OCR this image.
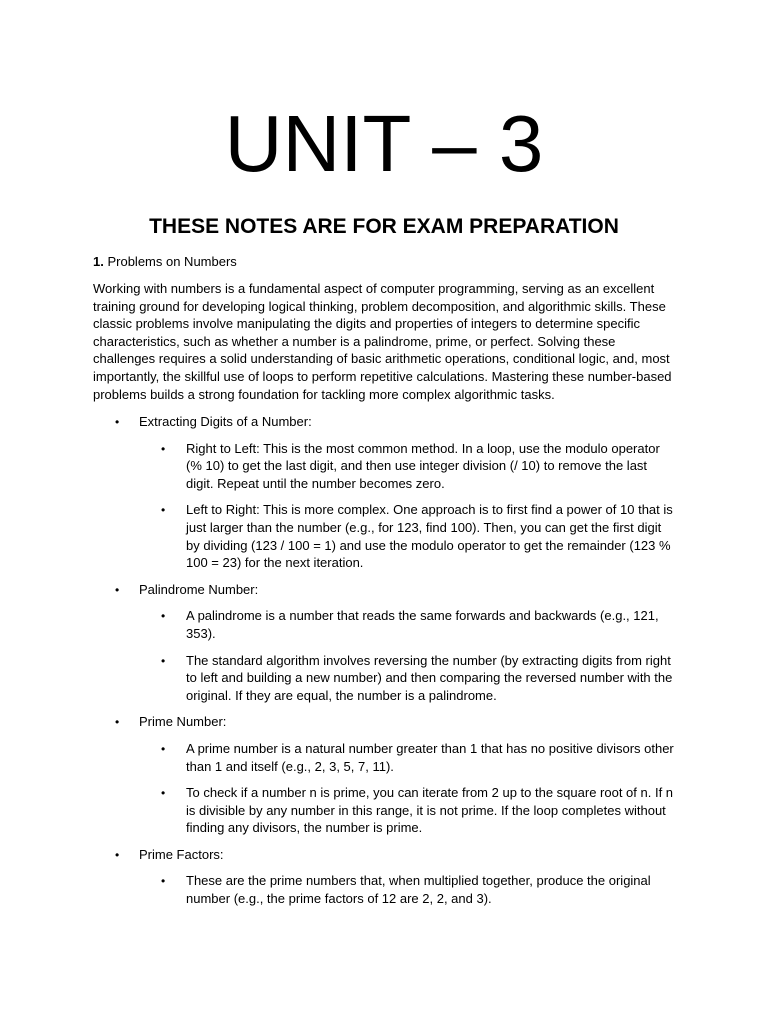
UNIT – 3
THESE NOTES ARE FOR EXAM PREPARATION
1. Problems on Numbers

Working with numbers is a fundamental aspect of computer programming, serving as an excellent training ground for developing logical thinking, problem decomposition, and algorithmic skills. These classic problems involve manipulating the digits and properties of integers to determine specific characteristics, such as whether a number is a palindrome, prime, or perfect. Solving these challenges requires a solid understanding of basic arithmetic operations, conditional logic, and, most importantly, the skillful use of loops to perform repetitive calculations. Mastering these number-based problems builds a strong foundation for tackling more complex algorithmic tasks.

• Extracting Digits of a Number:
• Right to Left: This is the most common method. In a loop, use the modulo operator (% 10) to get the last digit, and then use integer division (/ 10) to remove the last digit. Repeat until the number becomes zero.
• Left to Right: This is more complex. One approach is to first find a power of 10 that is just larger than the number (e.g., for 123, find 100). Then, you can get the first digit by dividing (123 / 100 = 1) and use the modulo operator to get the remainder (123 % 100 = 23) for the next iteration.
• Palindrome Number:
• A palindrome is a number that reads the same forwards and backwards (e.g., 121, 353).
• The standard algorithm involves reversing the number (by extracting digits from right to left and building a new number) and then comparing the reversed number with the original. If they are equal, the number is a palindrome.
• Prime Number:
• A prime number is a natural number greater than 1 that has no positive divisors other than 1 and itself (e.g., 2, 3, 5, 7, 11).
• To check if a number n is prime, you can iterate from 2 up to the square root of n. If n is divisible by any number in this range, it is not prime. If the loop completes without finding any divisors, the number is prime.
• Prime Factors:
• These are the prime numbers that, when multiplied together, produce the original number (e.g., the prime factors of 12 are 2, 2, and 3).
